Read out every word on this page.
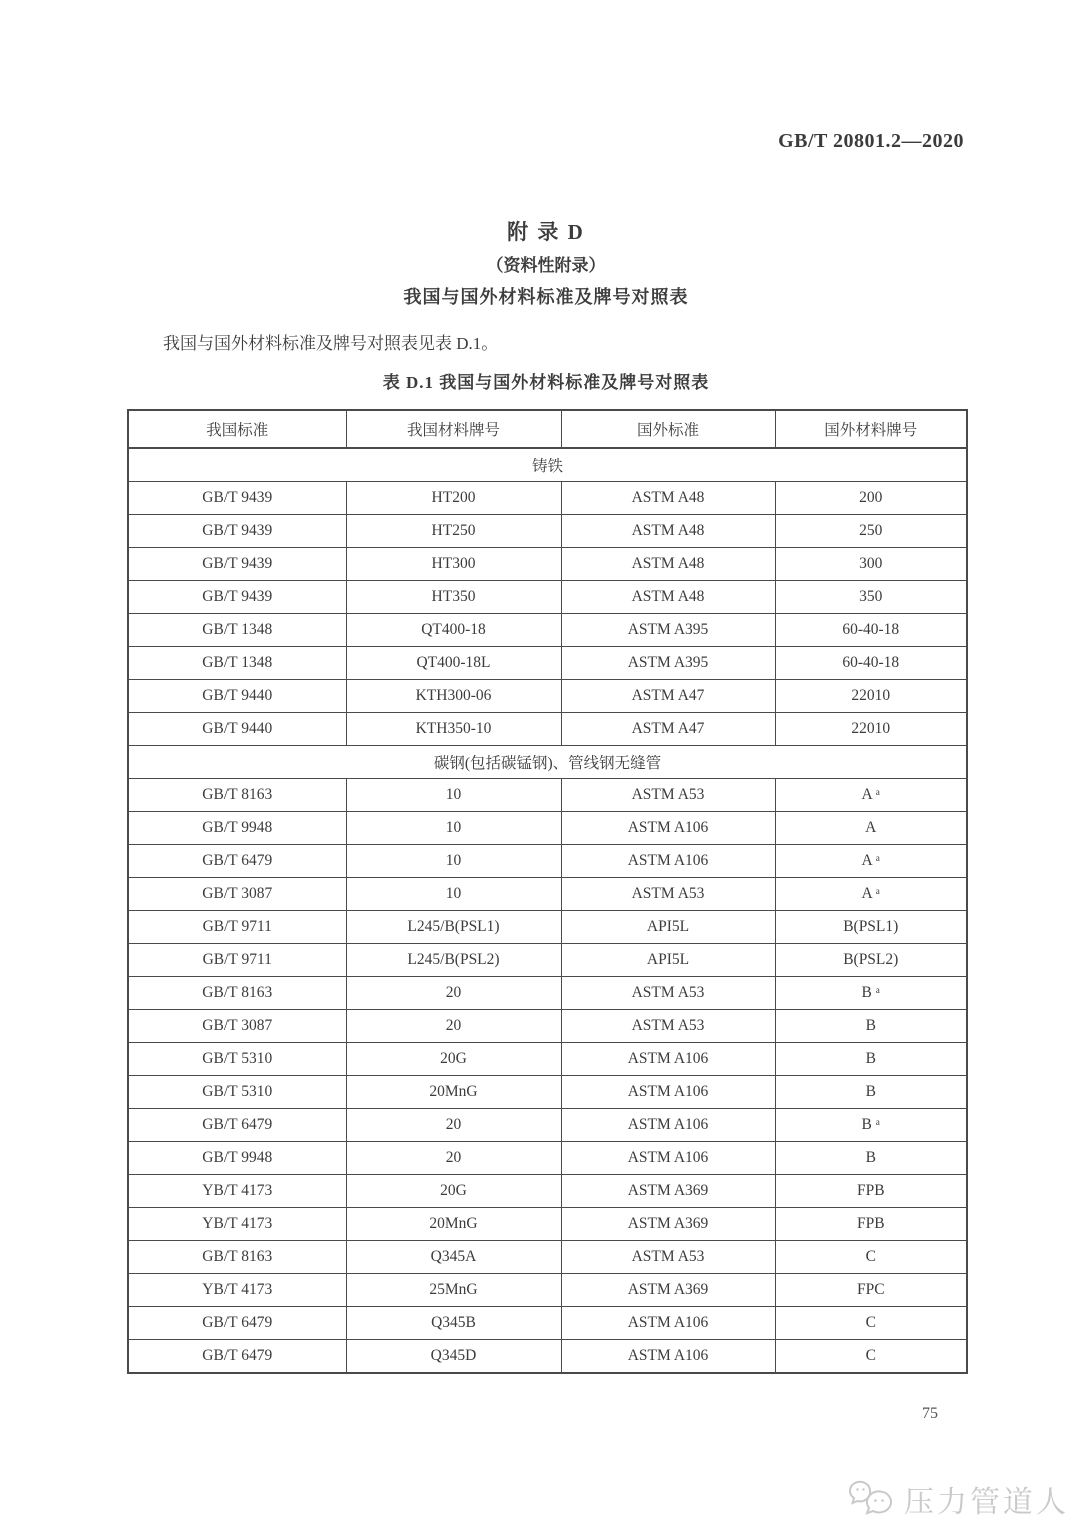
GB/T 20801.2—2020
附 录 D
（资料性附录）
我国与国外材料标准及牌号对照表

我国与国外材料标准及牌号对照表见表 D.1。

表 D.1 我国与国外材料标准及牌号对照表
我国标准	我国材料牌号	国外标准	国外材料牌号
铸铁			
GB/T 9439	HT200	ASTM A48	200
GB/T 9439	HT250	ASTM A48	250
GB/T 9439	HT300	ASTM A48	300
GB/T 9439	HT350	ASTM A48	350
GB/T 1348	QT400-18	ASTM A395	60-40-18
GB/T 1348	QT400-18L	ASTM A395	60-40-18
GB/T 9440	KTH300-06	ASTM A47	22010
GB/T 9440	KTH350-10	ASTM A47	22010
碳钢(包括碳锰钢)、管线钢无缝管			
GB/T 8163	10	ASTM A53	A ᵃ
GB/T 9948	10	ASTM A106	A
GB/T 6479	10	ASTM A106	A ᵃ
GB/T 3087	10	ASTM A53	A ᵃ
GB/T 9711	L245/B(PSL1)	API5L	B(PSL1)
GB/T 9711	L245/B(PSL2)	API5L	B(PSL2)
GB/T 8163	20	ASTM A53	B ᵃ
GB/T 3087	20	ASTM A53	B
GB/T 5310	20G	ASTM A106	B
GB/T 5310	20MnG	ASTM A106	B
GB/T 6479	20	ASTM A106	B ᵃ
GB/T 9948	20	ASTM A106	B
YB/T 4173	20G	ASTM A369	FPB
YB/T 4173	20MnG	ASTM A369	FPB
GB/T 8163	Q345A	ASTM A53	C
YB/T 4173	25MnG	ASTM A369	FPC
GB/T 6479	Q345B	ASTM A106	C
GB/T 6479	Q345D	ASTM A106	C
75
压力管道人
